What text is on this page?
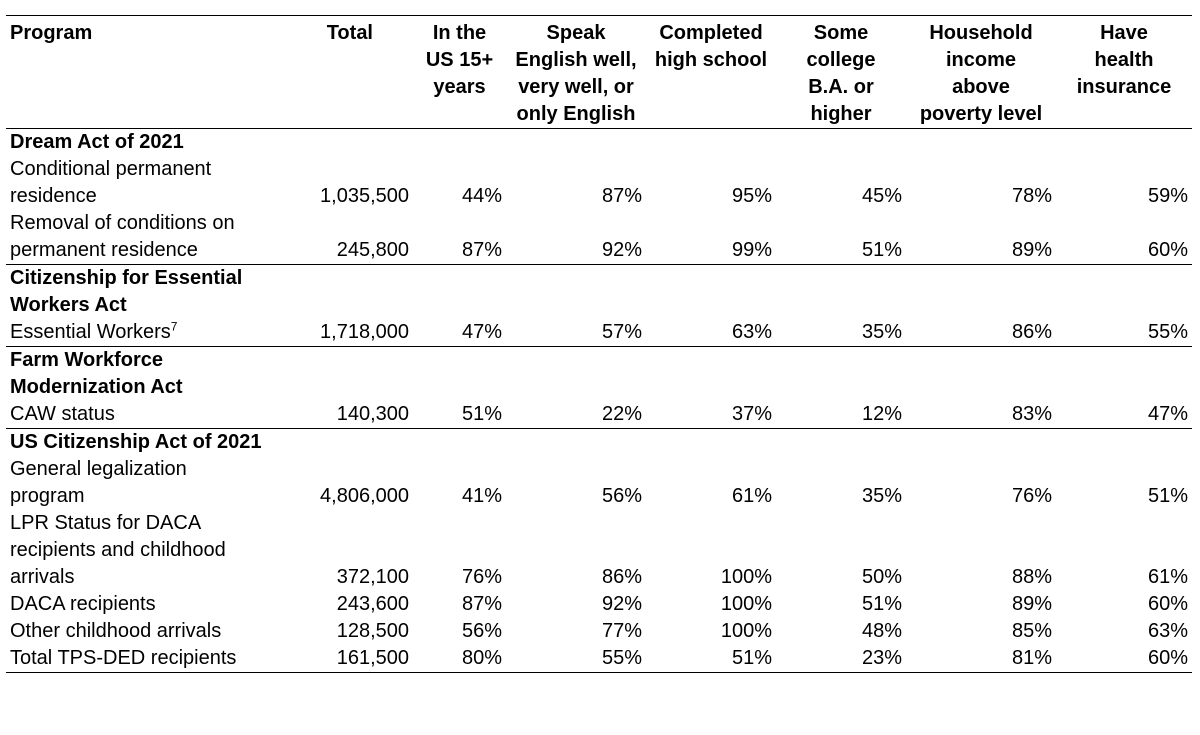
Program	Total	In the
US 15+
years	Speak
English well,
very well, or
only English	Completed
high school	Some
college
B.A. or
higher	Household
income
above
poverty level	Have
health
insurance
Dream Act of 2021							
Conditional permanent
residence	1,035,500	44%	87%	95%	45%	78%	59%
Removal of conditions on
permanent residence	245,800	87%	92%	99%	51%	89%	60%
Citizenship for Essential
Workers Act							
Essential Workers$^7$	1,718,000	47%	57%	63%	35%	86%	55%
Farm Workforce
Modernization Act							
CAW status	140,300	51%	22%	37%	12%	83%	47%
US Citizenship Act of 2021							
General legalization
program	4,806,000	41%	56%	61%	35%	76%	51%
LPR Status for DACA
recipients and childhood
arrivals	372,100	76%	86%	100%	50%	88%	61%
DACA recipients	243,600	87%	92%	100%	51%	89%	60%
Other childhood arrivals	128,500	56%	77%	100%	48%	85%	63%
Total TPS-DED recipients	161,500	80%	55%	51%	23%	81%	60%
